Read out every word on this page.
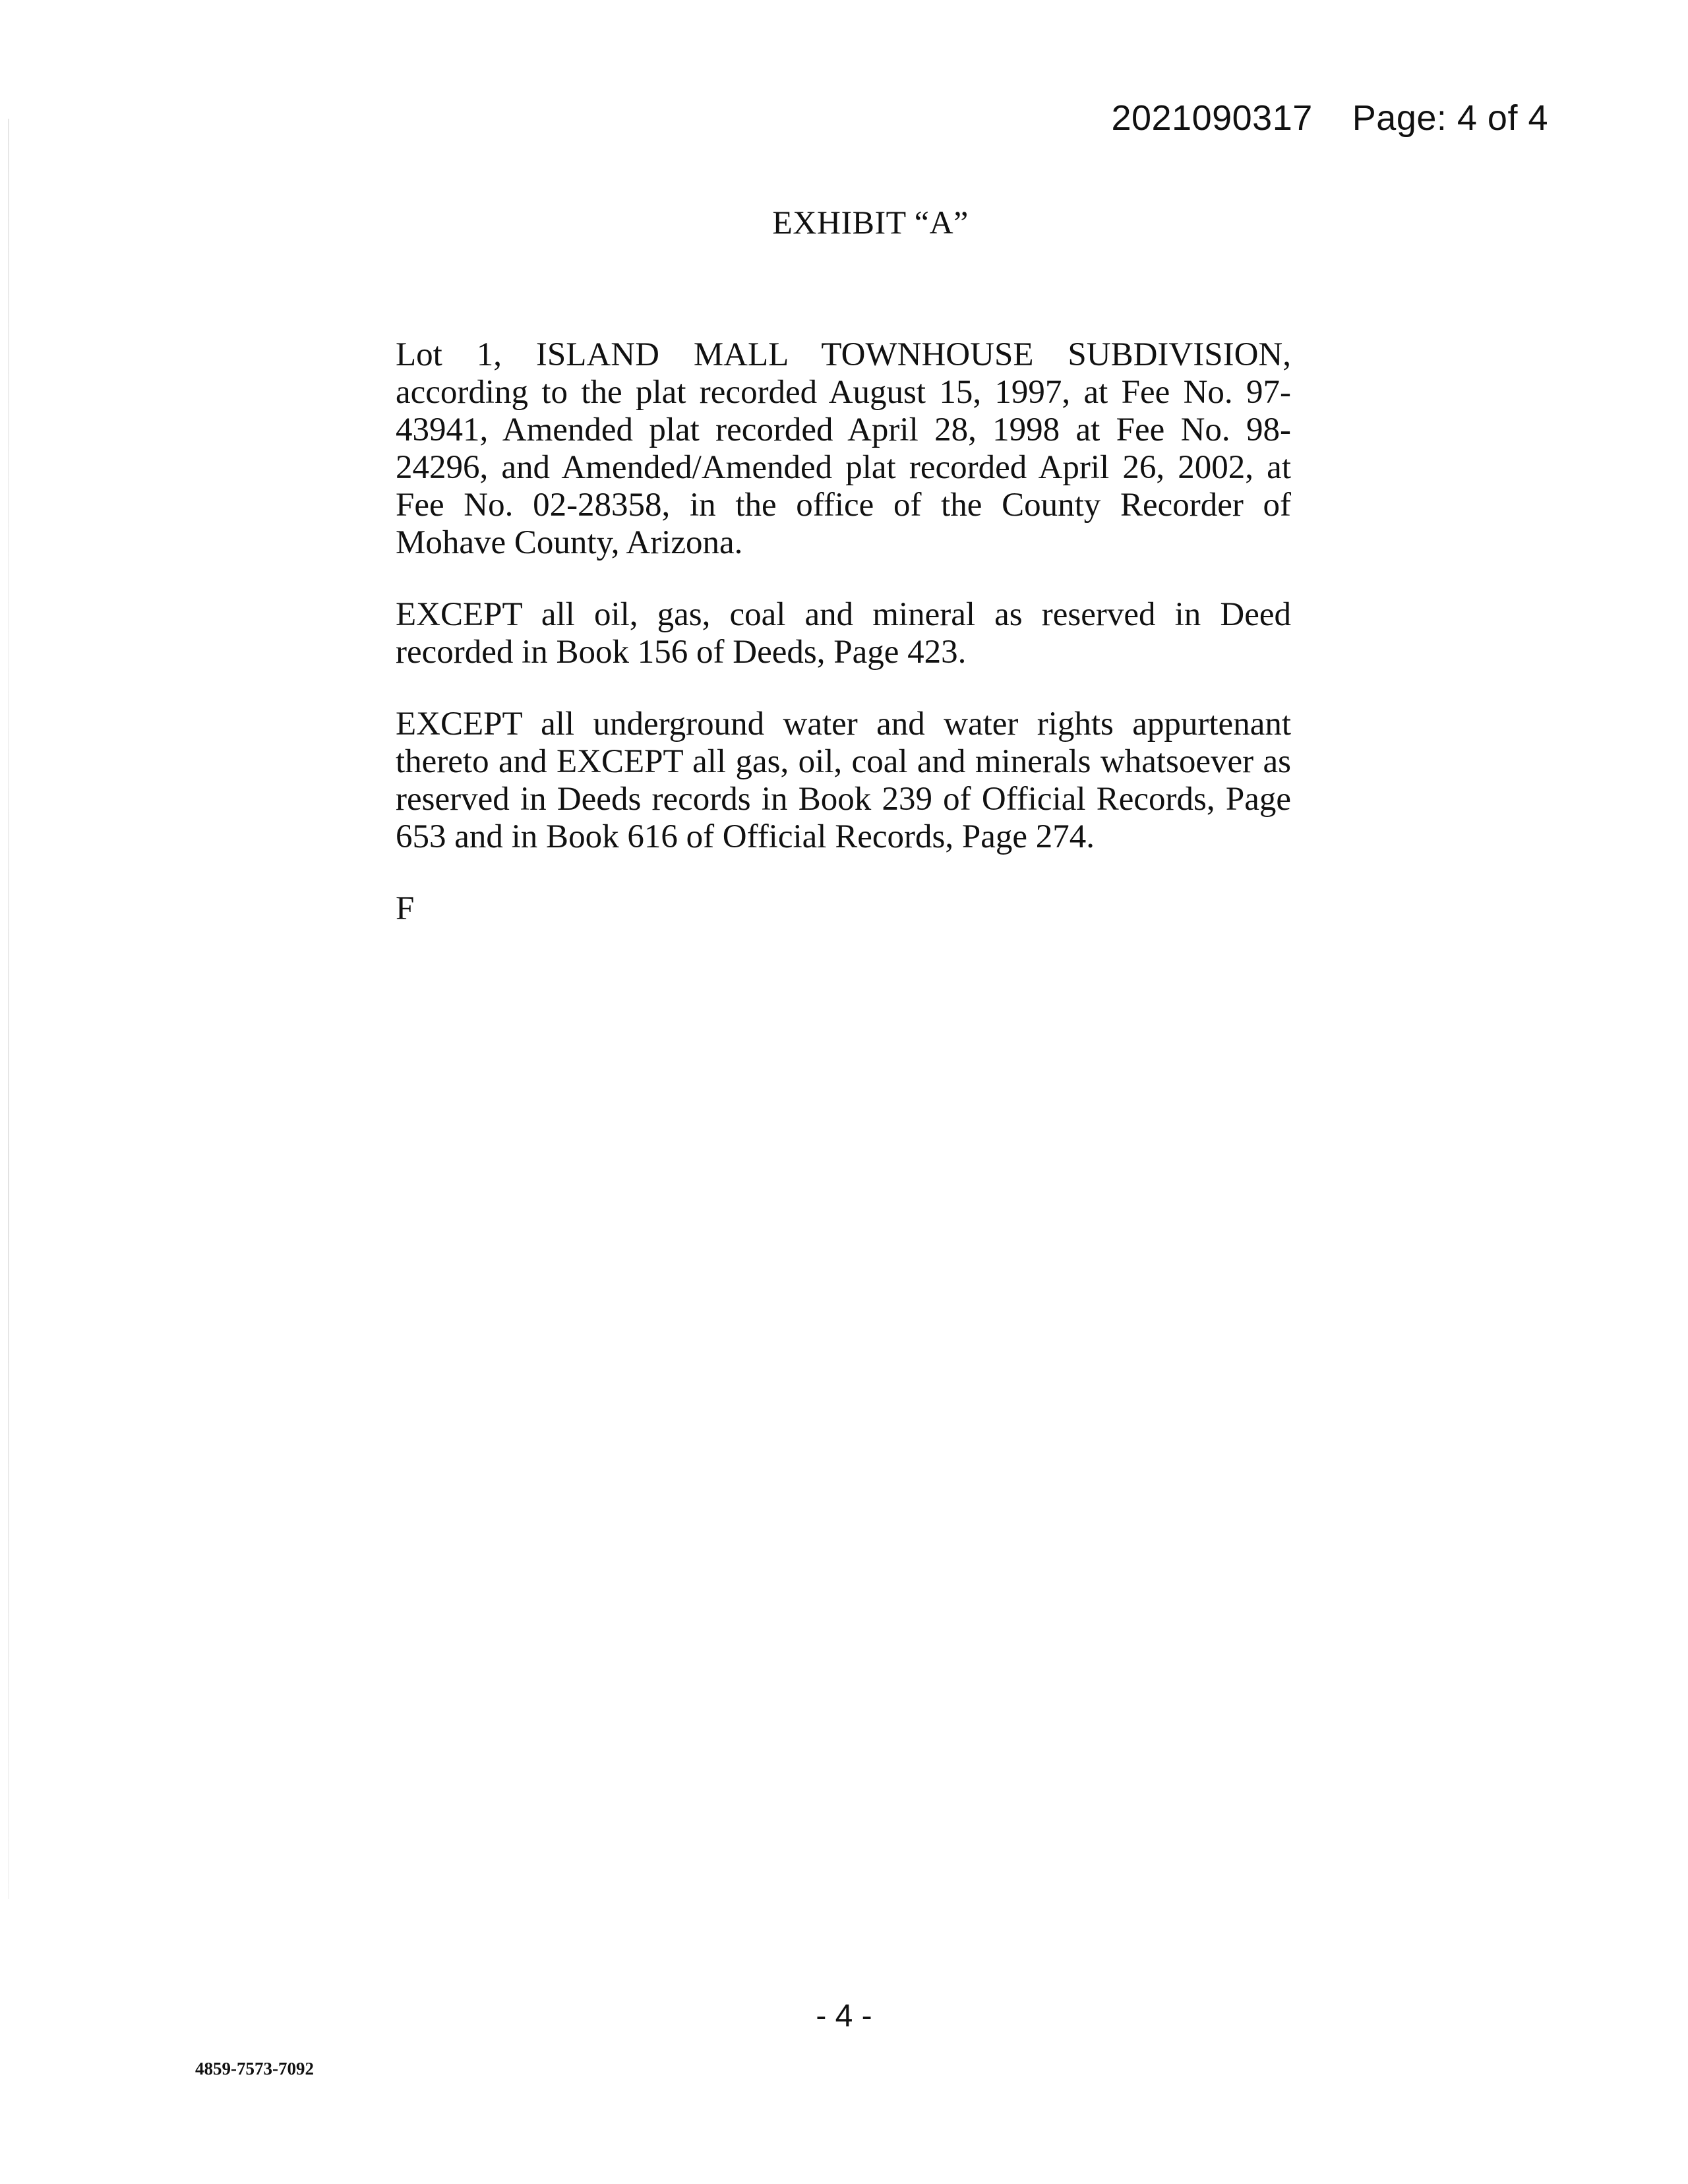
2021090317 Page: 4 of 4
EXHIBIT “A”

Lot 1, ISLAND MALL TOWNHOUSE SUBDIVISION, according to the plat recorded August 15, 1997, at Fee No. 97-43941, Amended plat recorded April 28, 1998 at Fee No. 98-24296, and Amended/Amended plat recorded April 26, 2002, at Fee No. 02-28358, in the office of the County Recorder of Mohave County, Arizona.

EXCEPT all oil, gas, coal and mineral as reserved in Deed recorded in Book 156 of Deeds, Page 423.

EXCEPT all underground water and water rights appurtenant thereto and EXCEPT all gas, oil, coal and minerals whatsoever as reserved in Deeds records in Book 239 of Official Records, Page 653 and in Book 616 of Official Records, Page 274.

F

- 4 -
4859-7573-7092
